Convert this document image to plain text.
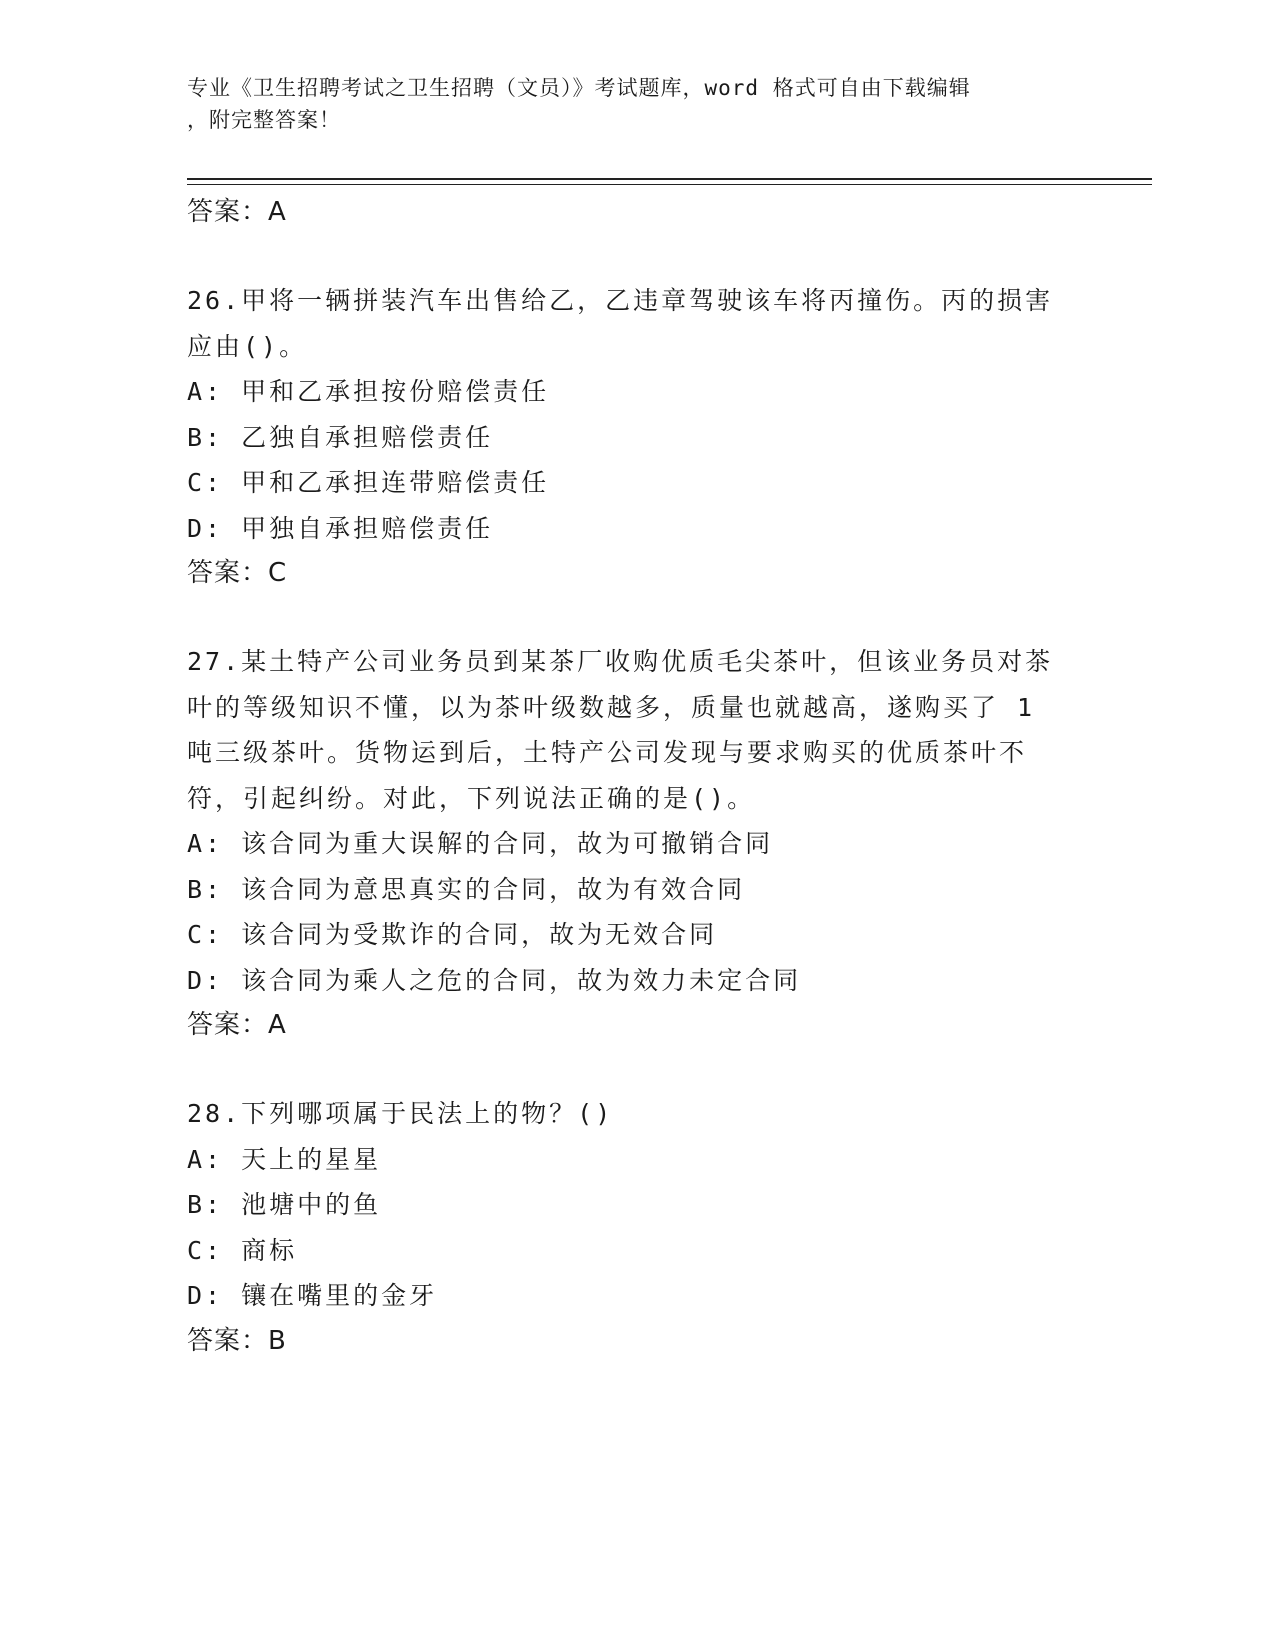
专业《卫生招聘考试之卫生招聘（文员）》考试题库，word 格式可自由下载编辑
，附完整答案！
答案：A
26.甲将一辆拼装汽车出售给乙，乙违章驾驶该车将丙撞伤。丙的损害
应由()。
A: 甲和乙承担按份赔偿责任
B: 乙独自承担赔偿责任
C: 甲和乙承担连带赔偿责任
D: 甲独自承担赔偿责任
答案：C
27.某土特产公司业务员到某茶厂收购优质毛尖茶叶，但该业务员对茶
叶的等级知识不懂，以为茶叶级数越多，质量也就越高，遂购买了 1
吨三级茶叶。货物运到后，土特产公司发现与要求购买的优质茶叶不
符，引起纠纷。对此，下列说法正确的是()。
A: 该合同为重大误解的合同，故为可撤销合同
B: 该合同为意思真实的合同，故为有效合同
C: 该合同为受欺诈的合同，故为无效合同
D: 该合同为乘人之危的合同，故为效力未定合同
答案：A
28.下列哪项属于民法上的物？()
A: 天上的星星
B: 池塘中的鱼
C: 商标
D: 镶在嘴里的金牙
答案：B
